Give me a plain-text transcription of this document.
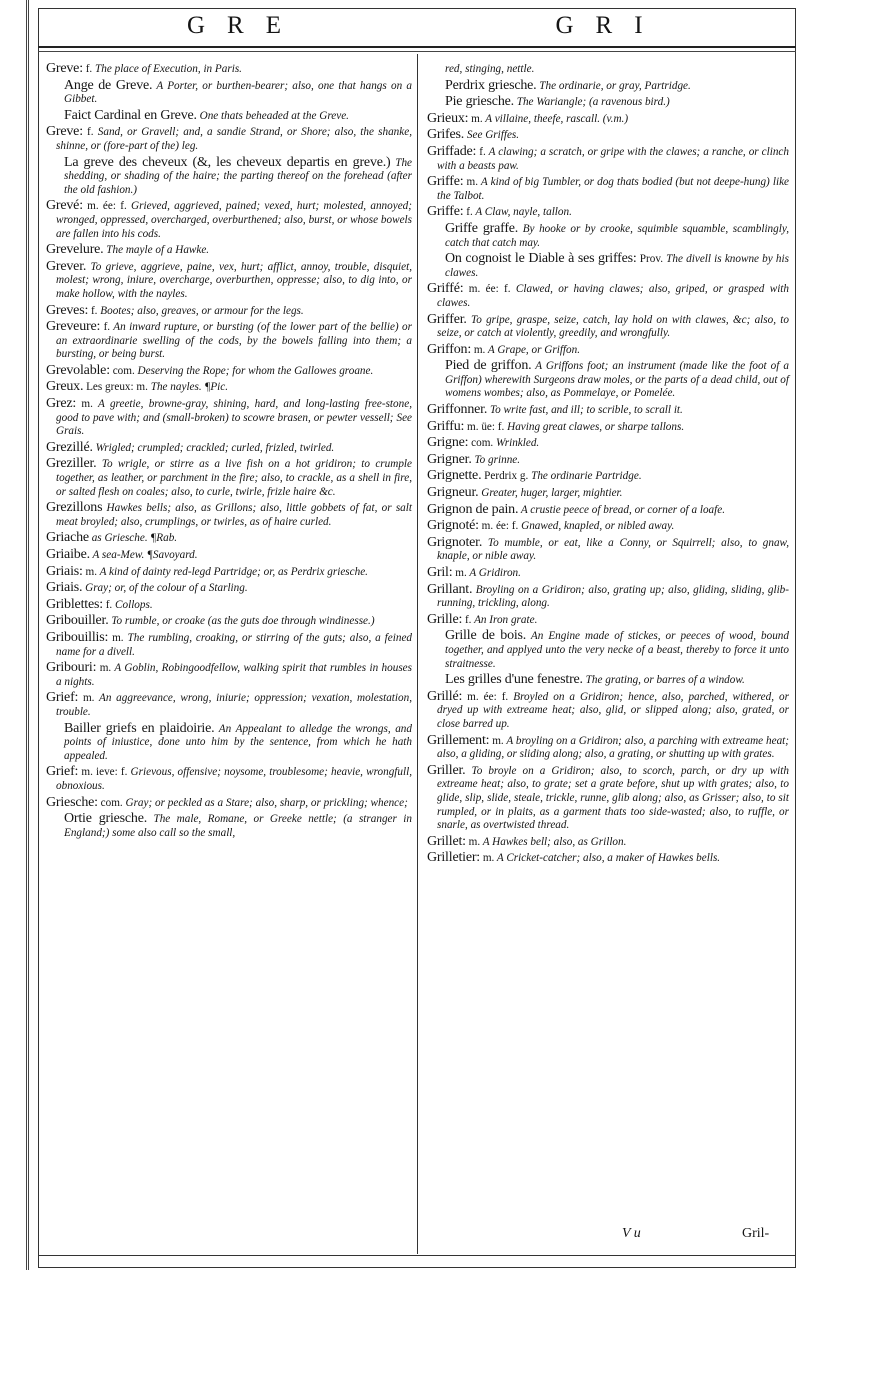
GRE	GRI
Greve: f. The place of Execution, in Paris.
Ange de Greve. A Porter, or burthen-bearer; also, one that hangs on a Gibbet.
Faict Cardinal en Greve. One thats beheaded at the Greve.
Greve: f. Sand, or Gravell; and, a sandie Strand, or Shore; also, the shanke, shinne, or (fore-part of the) leg.
La greve des cheveux (&, les cheveux departis en greve.) The shedding, or shading of the haire; the parting thereof on the forehead (after the old fashion.)
Grevé: m. ée: f. Grieved, aggrieved, pained; vexed, hurt; molested, annoyed; wronged, oppressed, overcharged, overburthened; also, burst, or whose bowels are fallen into his cods.
Grevelure. The mayle of a Hawke.
Grever. To grieve, aggrieve, paine, vex, hurt; afflict, annoy, trouble, disquiet, molest; wrong, iniure, overcharge, overburthen, oppresse; also, to dig into, or make hollow, with the nayles.
Greves: f. Bootes; also, greaves, or armour for the legs.
Greveure: f. An inward rupture, or bursting (of the lower part of the bellie) or an extraordinarie swelling of the cods, by the bowels falling into them; a bursting, or being burst.
Grevolable: com. Deserving the Rope; for whom the Gallowes groane.
Greux. Les greux: m. The nayles. ¶Pic.
Grez: m. A greetie, browne-gray, shining, hard, and long-lasting free-stone, good to pave with; and (small-broken) to scowre brasen, or pewter vessell; See Grais.
Grezillé. Wrigled; crumpled; crackled; curled, frizled, twirled.
Greziller. To wrigle, or stirre as a live fish on a hot gridiron; to crumple together, as leather, or parchment in the fire; also, to crackle, as a shell in fire, or salted flesh on coales; also, to curle, twirle, frizle haire &c.
Grezillons Hawkes bells; also, as Grillons; also, little gobbets of fat, or salt meat broyled; also, crumplings, or twirles, as of haire curled.
Griache as Griesche. ¶Rab.
Griaibe. A sea-Mew. ¶Savoyard.
Griais: m. A kind of dainty red-legd Partridge; or, as Perdrix griesche.
Griais. Gray; or, of the colour of a Starling.
Griblettes: f. Collops.
Gribouiller. To rumble, or croake (as the guts doe through windinesse.)
Gribouillis: m. The rumbling, croaking, or stirring of the guts; also, a feined name for a divell.
Gribouri: m. A Goblin, Robingoodfellow, walking spirit that rumbles in houses a nights.
Grief: m. An aggreevance, wrong, iniurie; oppression; vexation, molestation, trouble.
Bailler griefs en plaidoirie. An Appealant to alledge the wrongs, and points of iniustice, done unto him by the sentence, from which he hath appealed.
Grief: m. ieve: f. Grievous, offensive; noysome, troublesome; heavie, wrongfull, obnoxious.
Griesche: com. Gray; or peckled as a Stare; also, sharp, or prickling; whence;
Ortie griesche. The male, Romane, or Greeke nettle; (a stranger in England;) some also call so the small,
red, stinging, nettle.
Perdrix griesche. The ordinarie, or gray, Partridge.
Pie griesche. The Wariangle; (a ravenous bird.)
Grieux: m. A villaine, theefe, rascall. (v.m.)
Grifes. See Griffes.
Griffade: f. A clawing; a scratch, or gripe with the clawes; a ranche, or clinch with a beasts paw.
Griffe: m. A kind of big Tumbler, or dog thats bodied (but not deepe-hung) like the Talbot.
Griffe: f. A Claw, nayle, tallon.
Griffe graffe. By hooke or by crooke, squimble squamble, scamblingly, catch that catch may.
On cognoist le Diable à ses griffes: Prov. The divell is knowne by his clawes.
Griffé: m. ée: f. Clawed, or having clawes; also, griped, or grasped with clawes.
Griffer. To gripe, graspe, seize, catch, lay hold on with clawes, &c; also, to seize, or catch at violently, greedily, and wrongfully.
Griffon: m. A Grape, or Griffon.
Pied de griffon. A Griffons foot; an instrument (made like the foot of a Griffon) wherewith Surgeons draw moles, or the parts of a dead child, out of womens wombes; also, as Pommelaye, or Pomelée.
Griffonner. To write fast, and ill; to scrible, to scrall it.
Griffu: m. üe: f. Having great clawes, or sharpe tallons.
Grigne: com. Wrinkled.
Grigner. To grinne.
Grignette. Perdrix g. The ordinarie Partridge.
Grigneur. Greater, huger, larger, mightier.
Grignon de pain. A crustie peece of bread, or corner of a loafe.
Grignoté: m. ée: f. Gnawed, knapled, or nibled away.
Grignoter. To mumble, or eat, like a Conny, or Squirrell; also, to gnaw, knaple, or nible away.
Gril: m. A Gridiron.
Grillant. Broyling on a Gridiron; also, grating up; also, gliding, sliding, glib-running, trickling, along.
Grille: f. An Iron grate.
Grille de bois. An Engine made of stickes, or peeces of wood, bound together, and applyed unto the very necke of a beast, thereby to force it unto straitnesse.
Les grilles d'une fenestre. The grating, or barres of a window.
Grillé: m. ée: f. Broyled on a Gridiron; hence, also, parched, withered, or dryed up with extreame heat; also, glid, or slipped along; also, grated, or close barred up.
Grillement: m. A broyling on a Gridiron; also, a parching with extreame heat; also, a gliding, or sliding along; also, a grating, or shutting up with grates.
Griller. To broyle on a Gridiron; also, to scorch, parch, or dry up with extreame heat; also, to grate; set a grate before, shut up with grates; also, to glide, slip, slide, steale, trickle, runne, glib along; also, as Grisser; also, to sit rumpled, or in plaits, as a garment thats too side-wasted; also, to ruffle, or snarle, as overtwisted thread.
Grillet: m. A Hawkes bell; also, as Grillon.
Grilletier: m. A Cricket-catcher; also, a maker of Hawkes bells.
V u	Gril-
